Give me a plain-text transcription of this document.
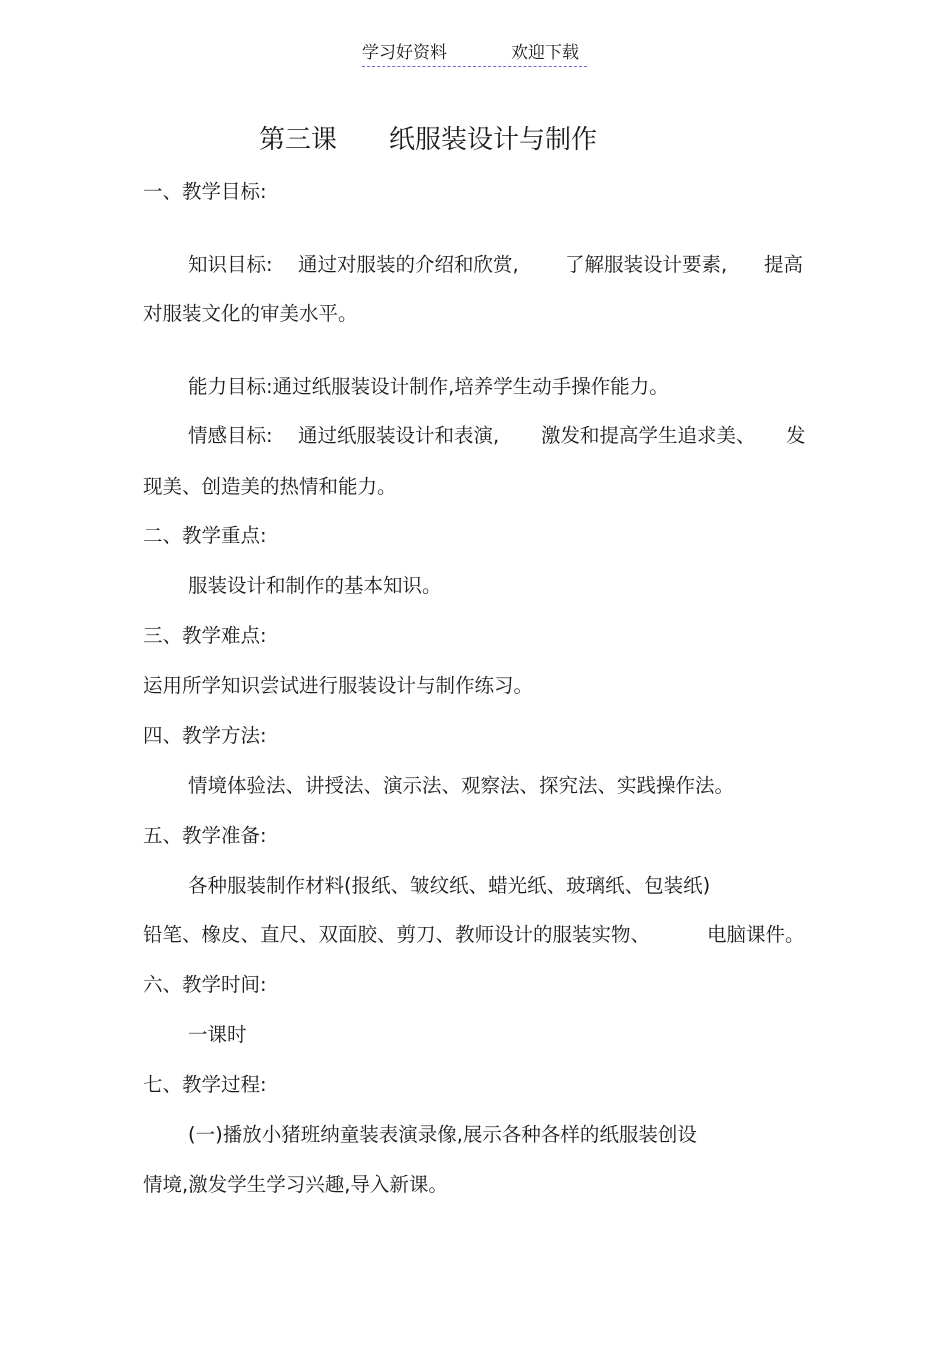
学习好资料	欢迎下载
第三课 纸服装设计与制作
一、教学目标:
知识目标: 通过对服装的介绍和欣赏, 了解服装设计要素, 提高
对服装文化的审美水平。
能力目标:通过纸服装设计制作,培养学生动手操作能力。
情感目标: 通过纸服装设计和表演, 激发和提高学生追求美、 发
现美、创造美的热情和能力。
二、教学重点:
服装设计和制作的基本知识。
三、教学难点:
运用所学知识尝试进行服装设计与制作练习。
四、教学方法:
情境体验法、讲授法、演示法、观察法、探究法、实践操作法。
五、教学准备:
各种服装制作材料(报纸、皱纹纸、蜡光纸、玻璃纸、包装纸)
铅笔、橡皮、直尺、双面胶、剪刀、教师设计的服装实物、	电脑课件。
六、教学时间:
一课时
七、教学过程:
(一)播放小猪班纳童装表演录像,展示各种各样的纸服装创设
情境,激发学生学习兴趣,导入新课。
